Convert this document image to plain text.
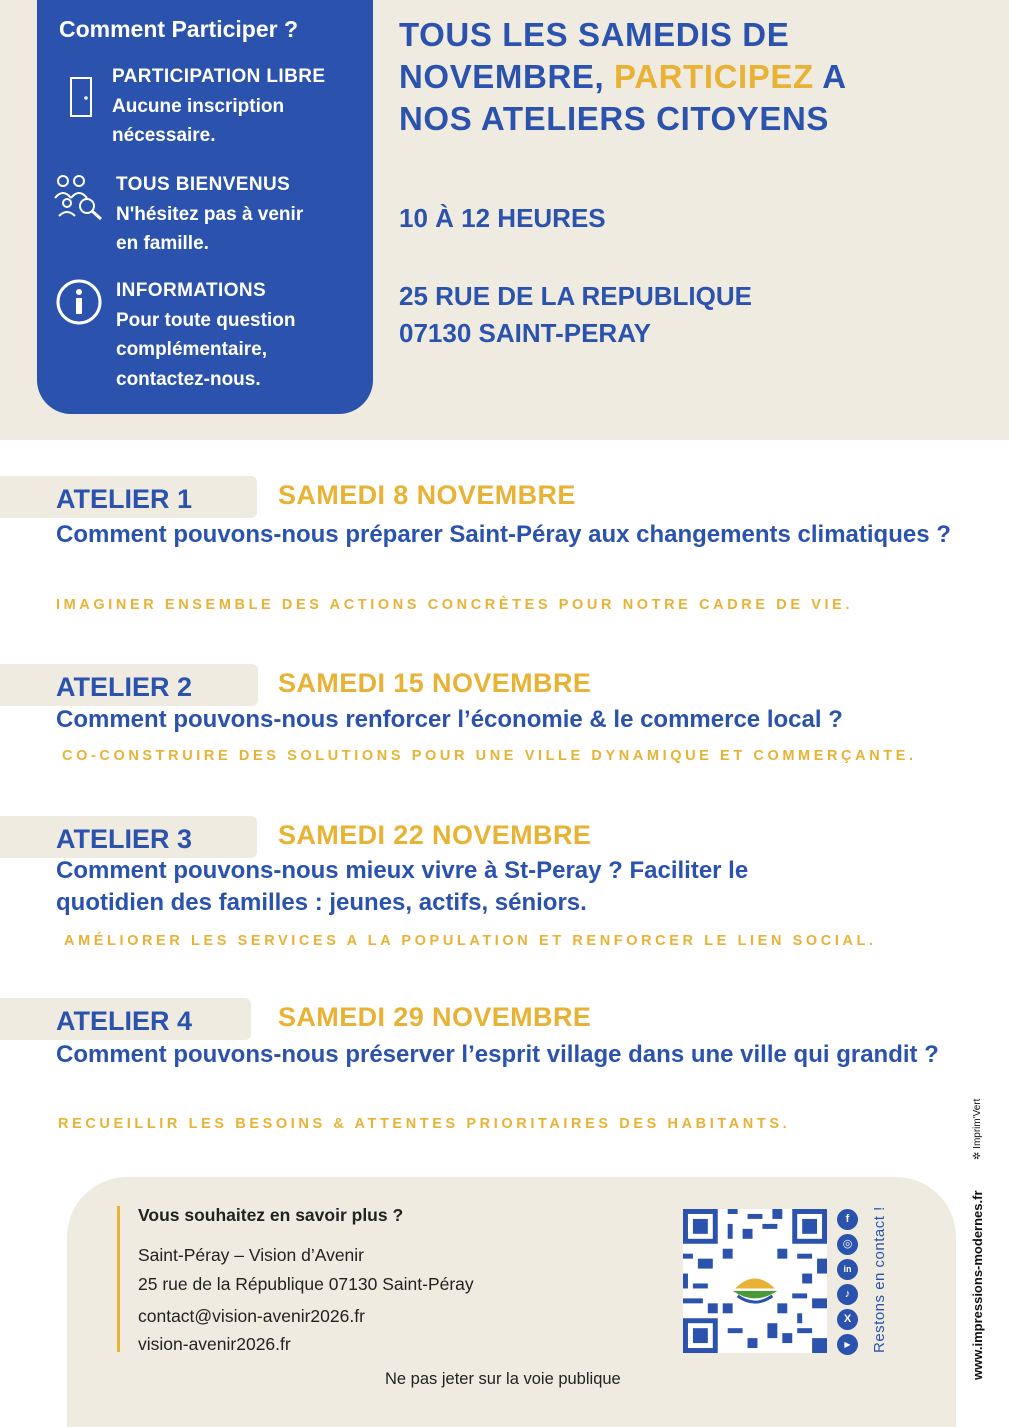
Comment Participer ?
PARTICIPATION LIBRE
Aucune inscription
nécessaire.
TOUS BIENVENUS
N'hésitez pas à venir
en famille.
INFORMATIONS
Pour toute question
complémentaire,
contactez-nous.
TOUS LES SAMEDIS DE
NOVEMBRE, PARTICIPEZ A
NOS ATELIERS CITOYENS
10 À 12 HEURES
25 RUE DE LA REPUBLIQUE
07130 SAINT-PERAY
ATELIER 1	SAMEDI 8 NOVEMBRE
Comment pouvons-nous préparer Saint-Péray aux changements climatiques ?
IMAGINER ENSEMBLE DES ACTIONS CONCRÈTES POUR NOTRE CADRE DE VIE.
ATELIER 2	SAMEDI 15 NOVEMBRE
Comment pouvons-nous renforcer l’économie & le commerce local ?
CO-CONSTRUIRE DES SOLUTIONS POUR UNE VILLE DYNAMIQUE ET COMMERÇANTE.
ATELIER 3	SAMEDI 22 NOVEMBRE
Comment pouvons-nous mieux vivre à St-Peray ? Faciliter le quotidien des familles : jeunes, actifs, séniors.
AMÉLIORER LES SERVICES A LA POPULATION ET RENFORCER LE LIEN SOCIAL.
ATELIER 4	SAMEDI 29 NOVEMBRE
Comment pouvons-nous préserver l’esprit village dans une ville qui grandit ?
RECUEILLIR LES BESOINS & ATTENTES PRIORITAIRES DES HABITANTS.
Vous souhaitez en savoir plus ?
Saint-Péray – Vision d’Avenir
25 rue de la République 07130 Saint-Péray
contact@vision-avenir2026.fr
vision-avenir2026.fr
f
◎
in
♪
X
▶	Restons en contact !
Ne pas jeter sur la voie publique	www.impressions-modernes.fr
✲ Imprim'Vert
